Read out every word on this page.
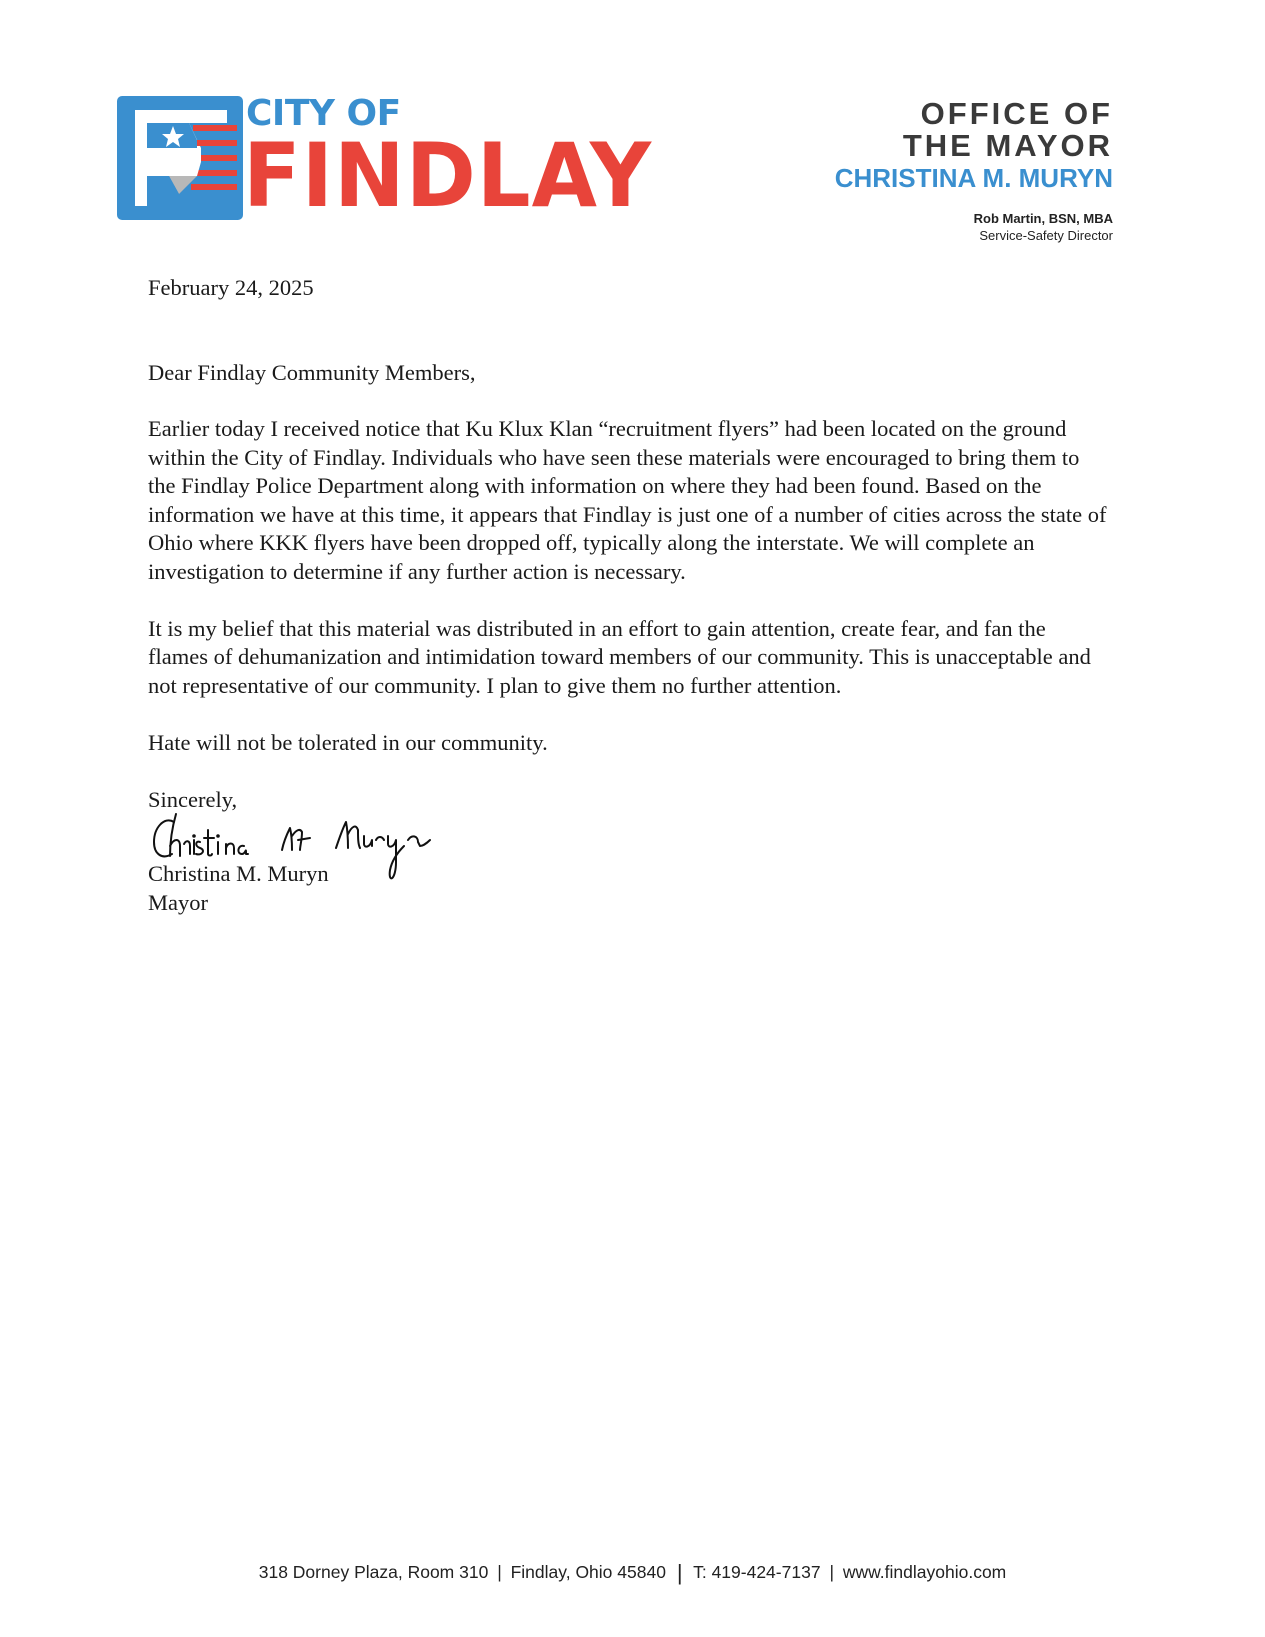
CITY OF
FINDLAY
OFFICE OF
THE MAYOR
CHRISTINA M. MURYN
Rob Martin, BSN, MBA
Service-Safety Director

February 24, 2025

Dear Findlay Community Members,

Earlier today I received notice that Ku Klux Klan “recruitment flyers” had been located on the ground within the City of Findlay. Individuals who have seen these materials were encouraged to bring them to the Findlay Police Department along with information on where they had been found. Based on the information we have at this time, it appears that Findlay is just one of a number of cities across the state of Ohio where KKK flyers have been dropped off, typically along the interstate. We will complete an investigation to determine if any further action is necessary.

It is my belief that this material was distributed in an effort to gain attention, create fear, and fan the flames of dehumanization and intimidation toward members of our community. This is unacceptable and not representative of our community. I plan to give them no further attention.

Hate will not be tolerated in our community.

Sincerely,

Christina M. Muryn

Mayor

318 Dorney Plaza, Room 310 | Findlay, Ohio 45840 | T: 419-424-7137 | www.findlayohio.com
